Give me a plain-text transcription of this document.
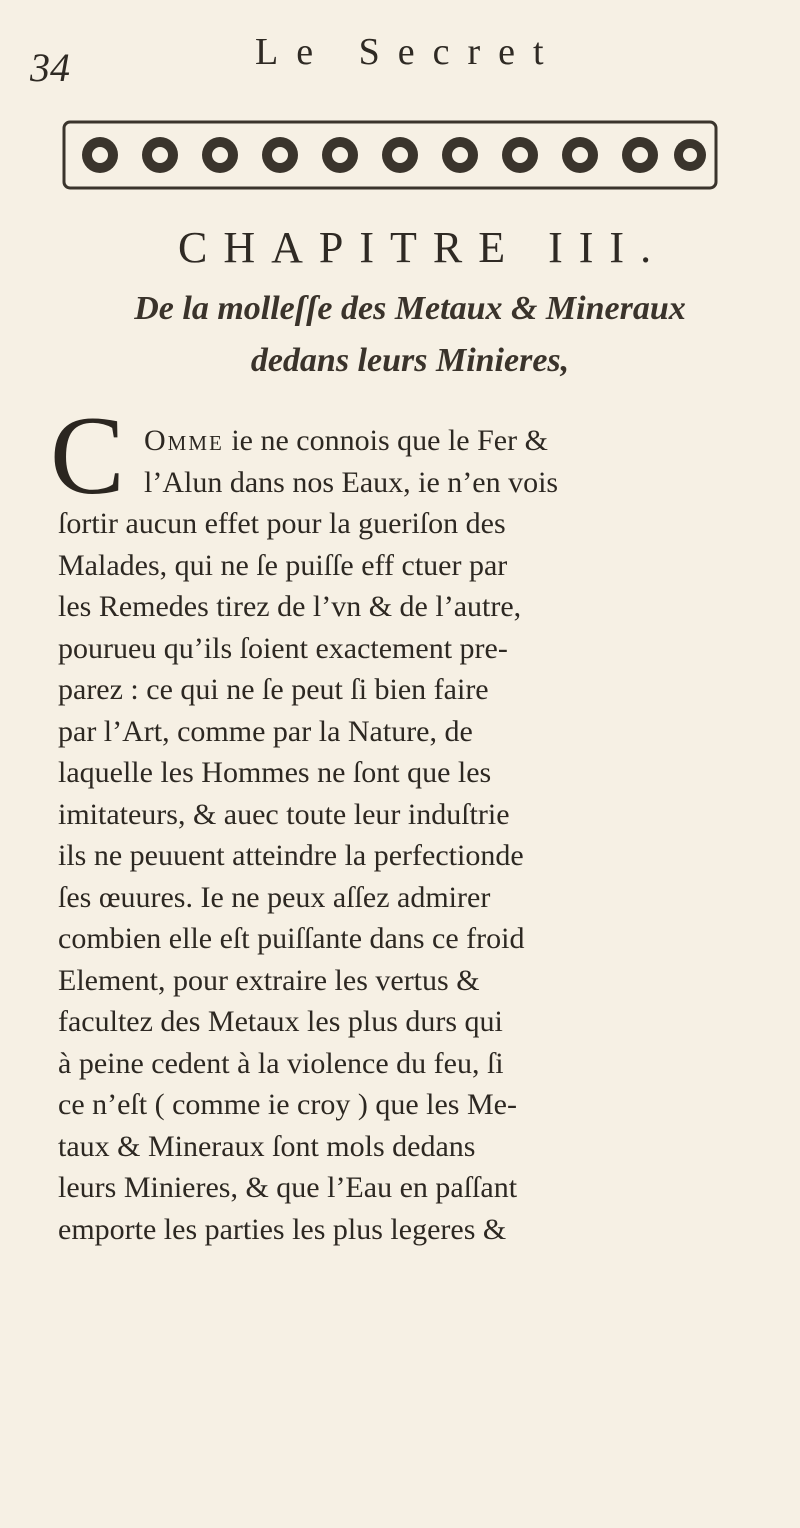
34	Le Secret
CHAPITRE III.
De la molleſſe des Metaux & Mineraux
dedans leurs Minieres,
C Omme ie ne connois que le Fer &
l’Alun dans nos Eaux, ie n’en vois
ſortir aucun effet pour la gueriſon des
Malades, qui ne ſe puiſſe eff ctuer par
les Remedes tirez de l’vn & de l’autre,
pourueu qu’ils ſoient exactement pre-
parez : ce qui ne ſe peut ſi bien faire
par l’Art, comme par la Nature, de
laquelle les Hommes ne ſont que les
imitateurs, & auec toute leur induſtrie
ils ne peuuent atteindre la perfectionde
ſes œuures. Ie ne peux aſſez admirer
combien elle eſt puiſſante dans ce froid
Element, pour extraire les vertus &
facultez des Metaux les plus durs qui
à peine cedent à la violence du feu, ſi
ce n’eſt ( comme ie croy ) que les Me-
taux & Mineraux ſont mols dedans
leurs Minieres, & que l’Eau en paſſant
emporte les parties les plus legeres &
